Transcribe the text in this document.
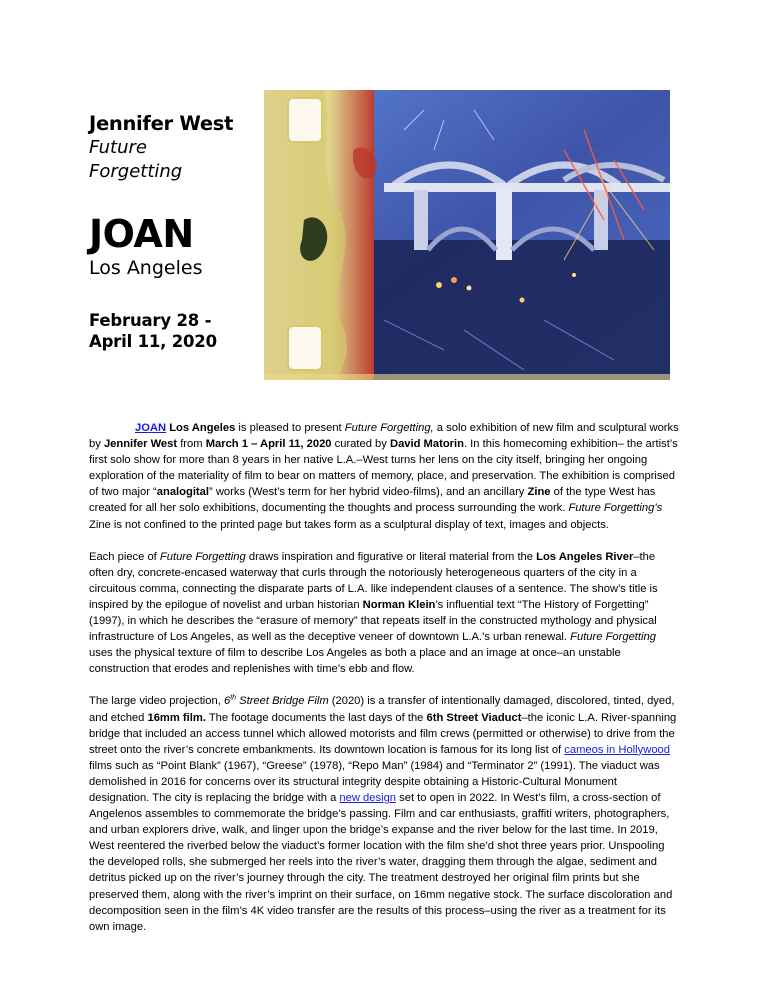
Jennifer West

Future

Forgetting

JOAN

Los Angeles

February 28 -

April 11, 2020

JOAN Los Angeles is pleased to present Future Forgetting, a solo exhibition of new film and sculptural works by Jennifer West from March 1 – April 11, 2020 curated by David Matorin. In this homecoming exhibition– the artist’s first solo show for more than 8 years in her native L.A.–West turns her lens on the city itself, bringing her ongoing exploration of the materiality of film to bear on matters of memory, place, and preservation. The exhibition is comprised of two major “analogital” works (West’s term for her hybrid video-films), and an ancillary Zine of the type West has created for all her solo exhibitions, documenting the thoughts and process surrounding the work. Future Forgetting’s Zine is not confined to the printed page but takes form as a sculptural display of text, images and objects.

Each piece of Future Forgetting draws inspiration and figurative or literal material from the Los Angeles River–the often dry, concrete-encased waterway that curls through the notoriously heterogeneous quarters of the city in a circuitous comma, connecting the disparate parts of L.A. like independent clauses of a sentence. The show’s title is inspired by the epilogue of novelist and urban historian Norman Klein’s influential text “The History of Forgetting” (1997), in which he describes the “erasure of memory” that repeats itself in the constructed mythology and physical infrastructure of Los Angeles, as well as the deceptive veneer of downtown L.A.’s urban renewal. Future Forgetting uses the physical texture of film to describe Los Angeles as both a place and an image at once–an unstable construction that erodes and replenishes with time’s ebb and flow.

The large video projection, 6th Street Bridge Film (2020) is a transfer of intentionally damaged, discolored, tinted, dyed, and etched 16mm film. The footage documents the last days of the 6th Street Viaduct–the iconic L.A. River-spanning bridge that included an access tunnel which allowed motorists and film crews (permitted or otherwise) to drive from the street onto the river’s concrete embankments. Its downtown location is famous for its long list of cameos in Hollywood films such as “Point Blank” (1967), “Greese” (1978), “Repo Man” (1984) and “Terminator 2” (1991). The viaduct was demolished in 2016 for concerns over its structural integrity despite obtaining a Historic-Cultural Monument designation. The city is replacing the bridge with a new design set to open in 2022. In West’s film, a cross-section of Angelenos assembles to commemorate the bridge’s passing. Film and car enthusiasts, graffiti writers, photographers, and urban explorers drive, walk, and linger upon the bridge’s expanse and the river below for the last time. In 2019, West reentered the riverbed below the viaduct’s former location with the film she’d shot three years prior. Unspooling the developed rolls, she submerged her reels into the river’s water, dragging them through the algae, sediment and detritus picked up on the river’s journey through the city. The treatment destroyed her original film prints but she preserved them, along with the river’s imprint on their surface, on 16mm negative stock. The surface discoloration and decomposition seen in the film’s 4K video transfer are the results of this process–using the river as a treatment for its own image.
